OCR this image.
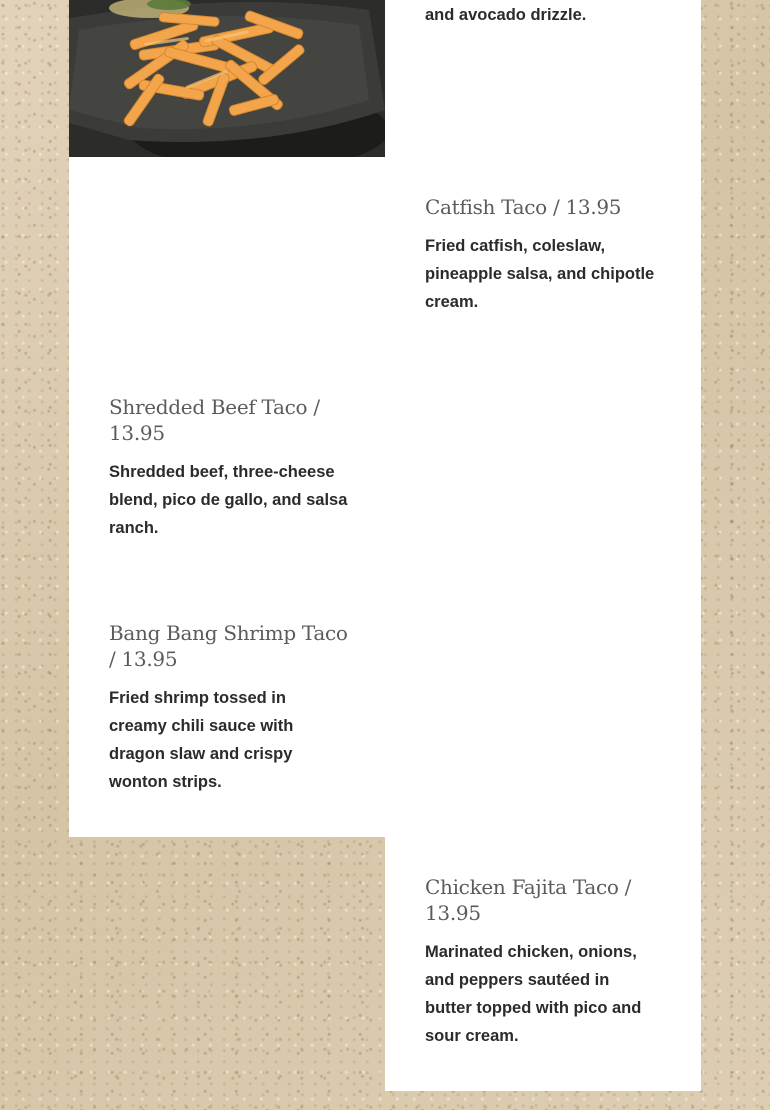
and avocado drizzle.

Catfish Taco / 13.95

Fried catfish, coleslaw, pineapple salsa, and chipotle cream.

Shredded Beef Taco / 13.95

Shredded beef, three-cheese blend, pico de gallo, and salsa ranch.

Bang Bang Shrimp Taco / 13.95

Fried shrimp tossed in creamy chili sauce with dragon slaw and crispy wonton strips.

Chicken Fajita Taco / 13.95

Marinated chicken, onions, and peppers sautéed in butter topped with pico and sour cream.
